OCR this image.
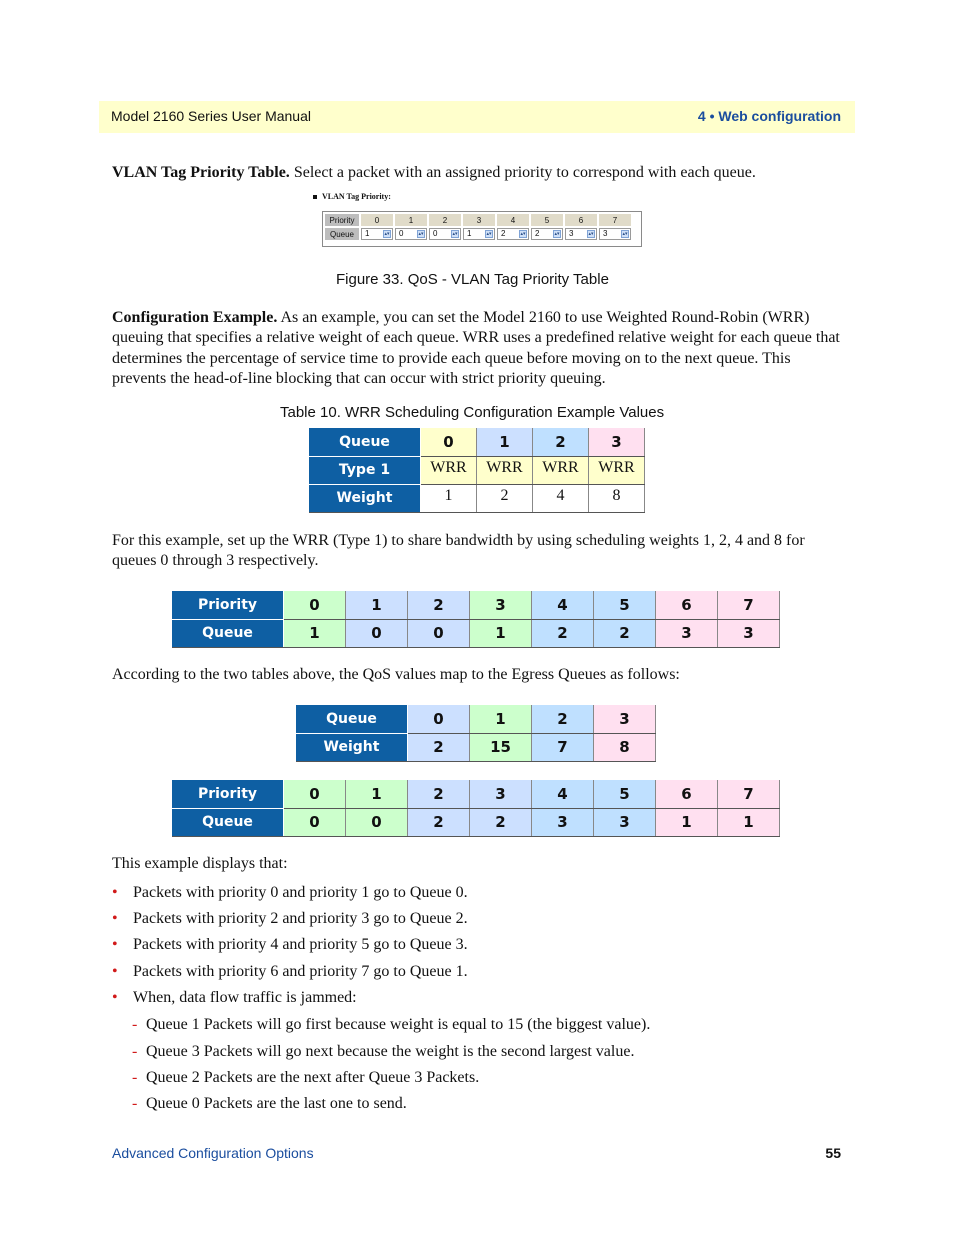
Model 2160 Series User Manual	4 • Web configuration

VLAN Tag Priority Table. Select a packet with an assigned priority to correspond with each queue.

VLAN Tag Priority:
Priority	0	1	2	3	4	5	6	7
Queue	1 ▴▾	0 ▴▾	0 ▴▾	1 ▴▾	2 ▴▾	2 ▴▾	3 ▴▾	3 ▴▾
Figure 33. QoS - VLAN Tag Priority Table

Configuration Example. As an example, you can set the Model 2160 to use Weighted Round-Robin (WRR) queuing that specifies a relative weight of each queue. WRR uses a predefined relative weight for each queue that determines the percentage of service time to provide each queue before moving on to the next queue. This prevents the head-of-line blocking that can occur with strict priority queuing.

Table 10. WRR Scheduling Configuration Example Values
Queue	0	1	2	3
Type 1	WRR	WRR	WRR	WRR
Weight	1	2	4	8

For this example, set up the WRR (Type 1) to share bandwidth by using scheduling weights 1, 2, 4 and 8 for queues 0 through 3 respectively.

Priority	0	1	2	3	4	5	6	7
Queue	1	0	0	1	2	2	3	3

According to the two tables above, the QoS values map to the Egress Queues as follows:

Queue	0	1	2	3
Weight	2	15	7	8
Priority	0	1	2	3	4	5	6	7
Queue	0	0	2	2	3	3	1	1

This example displays that:

• Packets with priority 0 and priority 1 go to Queue 0.
• Packets with priority 2 and priority 3 go to Queue 2.
• Packets with priority 4 and priority 5 go to Queue 3.
• Packets with priority 6 and priority 7 go to Queue 1.
• When, data flow traffic is jammed:
- Queue 1 Packets will go first because weight is equal to 15 (the biggest value).
- Queue 3 Packets will go next because the weight is the second largest value.
- Queue 2 Packets are the next after Queue 3 Packets.
- Queue 0 Packets are the last one to send.
Advanced Configuration Options	55
